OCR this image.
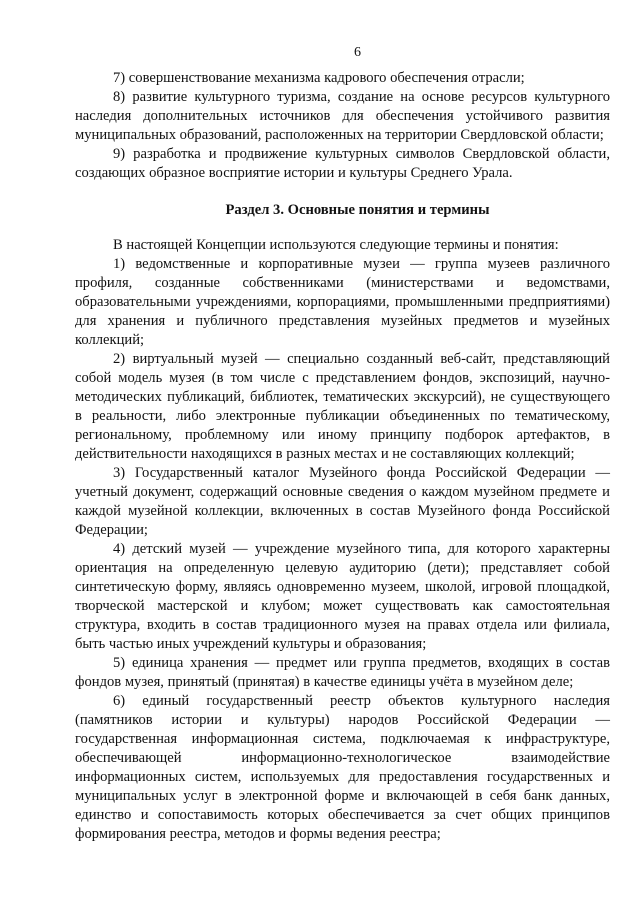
6

7) совершенствование механизма кадрового обеспечения отрасли;

8) развитие культурного туризма, создание на основе ресурсов культурного наследия дополнительных источников для обеспечения устойчивого развития муниципальных образований, расположенных на территории Свердловской области;

9) разработка и продвижение культурных символов Свердловской области, создающих образное восприятие истории и культуры Среднего Урала.

Раздел 3. Основные понятия и термины

В настоящей Концепции используются следующие термины и понятия:

1) ведомственные и корпоративные музеи — группа музеев различного профиля, созданные собственниками (министерствами и ведомствами, образовательными учреждениями, корпорациями, промышленными предприятиями) для хранения и публичного представления музейных предметов и музейных коллекций;

2) виртуальный музей — специально созданный веб-сайт, представляющий собой модель музея (в том числе с представлением фондов, экспозиций, научно-методических публикаций, библиотек, тематических экскурсий), не существующего в реальности, либо электронные публикации объединенных по тематическому, региональному, проблемному или иному принципу подборок артефактов, в действительности находящихся в разных местах и не составляющих коллекций;

3) Государственный каталог Музейного фонда Российской Федерации — учетный документ, содержащий основные сведения о каждом музейном предмете и каждой музейной коллекции, включенных в состав Музейного фонда Российской Федерации;

4) детский музей — учреждение музейного типа, для которого характерны ориентация на определенную целевую аудиторию (дети); представляет собой синтетическую форму, являясь одновременно музеем, школой, игровой площадкой, творческой мастерской и клубом; может существовать как самостоятельная структура, входить в состав традиционного музея на правах отдела или филиала, быть частью иных учреждений культуры и образования;

5) единица хранения — предмет или группа предметов, входящих в состав фондов музея, принятый (принятая) в качестве единицы учёта в музейном деле;

6) единый государственный реестр объектов культурного наследия (памятников истории и культуры) народов Российской Федерации — государственная информационная система, подключаемая к инфраструктуре, обеспечивающей информационно-технологическое взаимодействие информационных систем, используемых для предоставления государственных и муниципальных услуг в электронной форме и включающей в себя банк данных, единство и сопоставимость которых обеспечивается за счет общих принципов формирования реестра, методов и формы ведения реестра;
